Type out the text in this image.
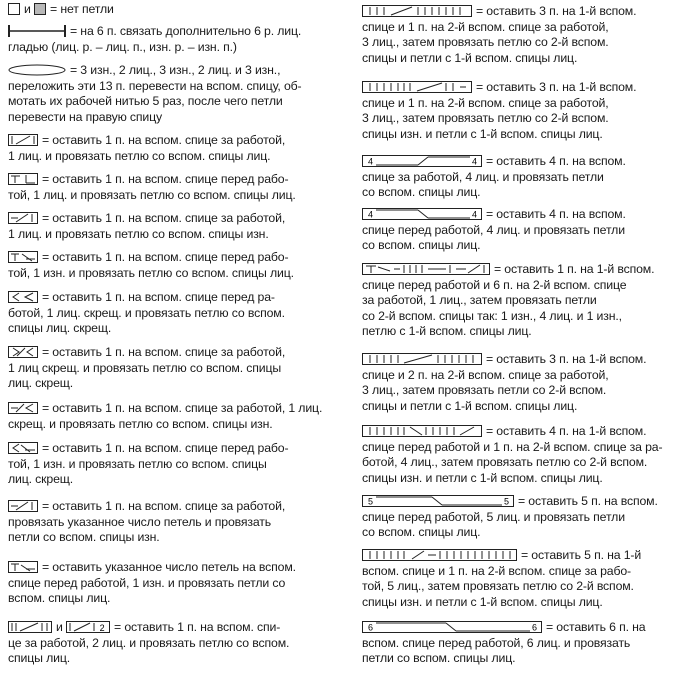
и = нет петли
= на 6 п. связать дополнительно 6 р. лиц.
гладью (лиц. р. – лиц. п., изн. р. – изн. п.)
= 3 изн., 2 лиц., 3 изн., 2 лиц. и 3 изн.,
переложить эти 13 п. перевести на вспом. спицу, об-
мотать их рабочей нитью 5 раз, после чего петли
перевести на правую спицу
= оставить 1 п. на вспом. спице за работой,
1 лиц. и провязать петлю со вспом. спицы лиц.
= оставить 1 п. на вспом. спице перед рабо-
той, 1 лиц. и провязать петлю со вспом. спицы лиц.
= оставить 1 п. на вспом. спице за работой,
1 лиц. и провязать петлю со вспом. спицы изн.
= оставить 1 п. на вспом. спице перед рабо-
той, 1 изн. и провязать петлю со вспом. спицы лиц.
= оставить 1 п. на вспом. спице перед ра-
ботой, 1 лиц. скрещ. и провязать петлю со вспом.
спицы лиц. скрещ.
= оставить 1 п. на вспом. спице за работой,
1 лиц скрещ. и провязать петлю со вспом. спицы
лиц. скрещ.
= оставить 1 п. на вспом. спице за работой, 1 лиц.
скрещ. и провязать петлю со вспом. спицы изн.
= оставить 1 п. на вспом. спице перед рабо-
той, 1 изн. и провязать петлю со вспом. спицы
лиц. скрещ.
= оставить 1 п. на вспом. спице за работой,
провязать указанное число петель и провязать
петли со вспом. спицы изн.
= оставить указанное число петель на вспом.
спице перед работой, 1 изн. и провязать петли со
вспом. спицы лиц.
и	2 = оставить 1 п. на вспом. спи-
це за работой, 2 лиц. и провязать петлю со вспом.
спицы лиц.
= оставить 3 п. на 1-й вспом.
спице и 1 п. на 2-й вспом. спице за работой,
3 лиц., затем провязать петлю со 2-й вспом.
спицы и петли с 1-й вспом. спицы лиц.
= оставить 3 п. на 1-й вспом.
спице и 1 п. на 2-й вспом. спице за работой,
3 лиц., затем провязать петлю со 2-й вспом.
спицы изн. и петли с 1-й вспом. спицы лиц.
4	4 = оставить 4 п. на вспом.
спице за работой, 4 лиц. и провязать петли
со вспом. спицы лиц.
4	4 = оставить 4 п. на вспом.
спице перед работой, 4 лиц. и провязать петли
со вспом. спицы лиц.
= оставить 1 п. на 1-й вспом.
спице перед работой и 6 п. на 2-й вспом. спице
за работой, 1 лиц., затем провязать петли
со 2-й вспом. спицы так: 1 изн., 4 лиц. и 1 изн.,
петлю с 1-й вспом. спицы лиц.
= оставить 3 п. на 1-й вспом.
спице и 2 п. на 2-й вспом. спице за работой,
3 лиц., затем провязать петли со 2-й вспом.
спицы и петли с 1-й вспом. спицы лиц.
= оставить 4 п. на 1-й вспом.
спице перед работой и 1 п. на 2-й вспом. спице за ра-
ботой, 4 лиц., затем провязать петлю со 2-й вспом.
спицы изн. и петли с 1-й вспом. спицы лиц.
5	5 = оставить 5 п. на вспом.
спице перед работой, 5 лиц. и провязать петли
со вспом. спицы лиц.
= оставить 5 п. на 1-й
вспом. спице и 1 п. на 2-й вспом. спице за рабо-
той, 5 лиц., затем провязать петлю со 2-й вспом.
спицы изн. и петли с 1-й вспом. спицы лиц.
6	6 = оставить 6 п. на
вспом. спице перед работой, 6 лиц. и провязать
петли со вспом. спицы лиц.
